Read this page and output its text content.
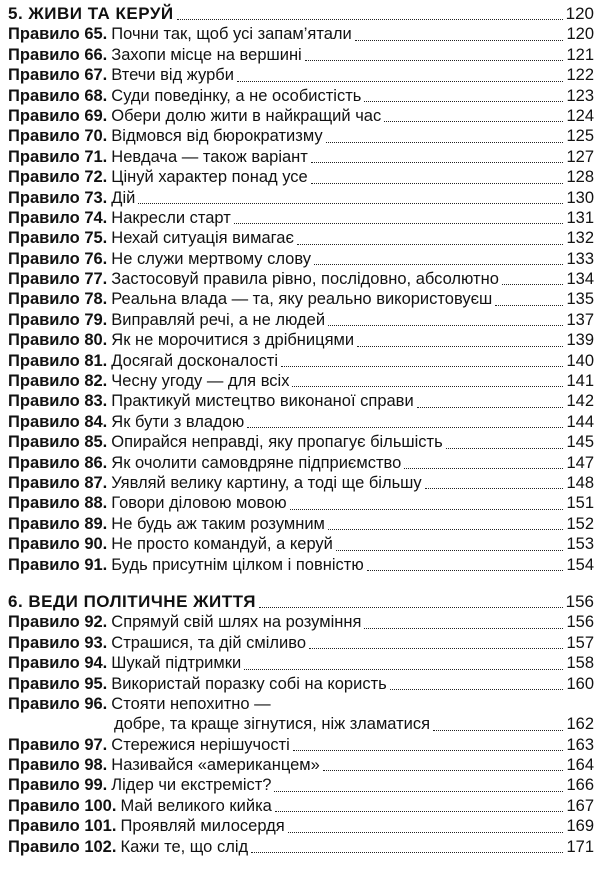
5. ЖИВИ ТА КЕРУЙ	120
Правило 65. Почни так, щоб усі запам’ятали	120
Правило 66. Захопи місце на вершині	121
Правило 67. Втечи від журби	122
Правило 68. Суди поведінку, а не особистість	123
Правило 69. Обери долю жити в найкращий час	124
Правило 70. Відмовся від бюрократизму	125
Правило 71. Невдача — також варіант	127
Правило 72. Цінуй характер понад усе	128
Правило 73. Дій	130
Правило 74. Накресли старт	131
Правило 75. Нехай ситуація вимагає	132
Правило 76. Не служи мертвому слову	133
Правило 77. Застосовуй правила рівно, послідовно, абсолютно	134
Правило 78. Реальна влада — та, яку реально використовуєш	135
Правило 79. Виправляй речі, а не людей	137
Правило 80. Як не морочитися з дрібницями	139
Правило 81. Досягай досконалості	140
Правило 82. Чесну угоду — для всіх	141
Правило 83. Практикуй мистецтво виконаної справи	142
Правило 84. Як бути з владою	144
Правило 85. Опирайся неправді, яку пропагує більшість	145
Правило 86. Як очолити самовдряне підприємство	147
Правило 87. Уявляй велику картину, а тоді ще більшу	148
Правило 88. Говори діловою мовою	151
Правило 89. Не будь аж таким розумним	152
Правило 90. Не просто командуй, а керуй	153
Правило 91. Будь присутнім цілком і повністю	154
6. ВЕДИ ПОЛІТИЧНЕ ЖИТТЯ	156
Правило 92. Спрямуй свій шлях на розуміння	156
Правило 93. Страшися, та дій сміливо	157
Правило 94. Шукай підтримки	158
Правило 95. Використай поразку собі на користь	160
Правило 96. Стояти непохитно —
добре, та краще зігнутися, ніж зламатися	162
Правило 97. Стережися нерішучості	163
Правило 98. Називайся «американцем»	164
Правило 99. Лідер чи екстреміст?	166
Правило 100. Май великого кийка	167
Правило 101. Проявляй милосердя	169
Правило 102. Кажи те, що слід	171
